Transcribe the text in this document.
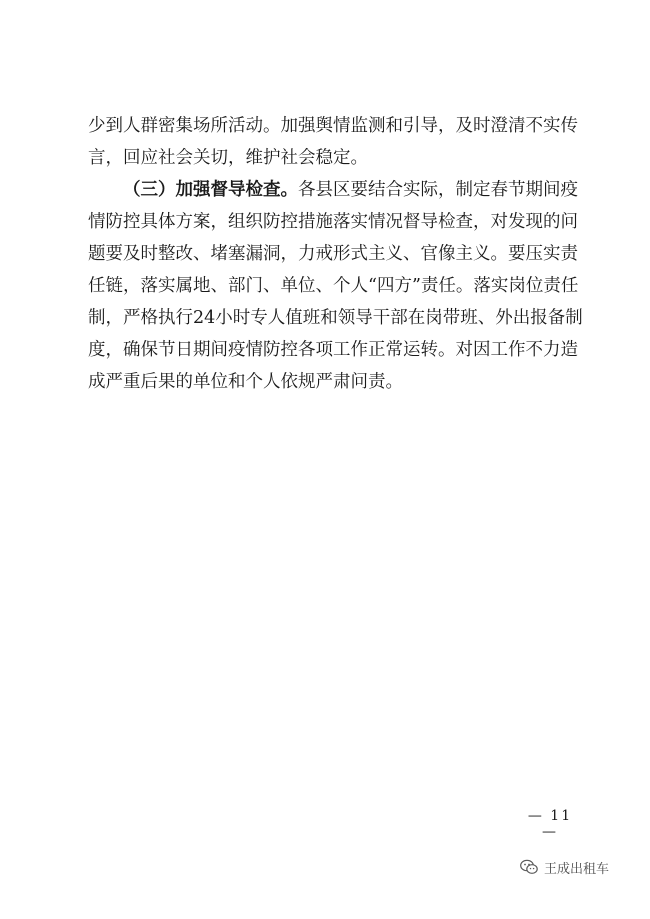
少到人群密集场所活动。加强舆情监测和引导，及时澄清不实传
言，回应社会关切，维护社会稳定。
（三）加强督导检查。各县区要结合实际，制定春节期间疫
情防控具体方案，组织防控措施落实情况督导检查，对发现的问
题要及时整改、堵塞漏洞，力戒形式主义、官像主义。要压实责
任链，落实属地、部门、单位、个人“四方”责任。落实岗位责任
制，严格执行24小时专人值班和领导干部在岗带班、外出报备制
度，确保节日期间疫情防控各项工作正常运转。对因工作不力造
成严重后果的单位和个人依规严肃问责。
— 11 —
王成出租车
